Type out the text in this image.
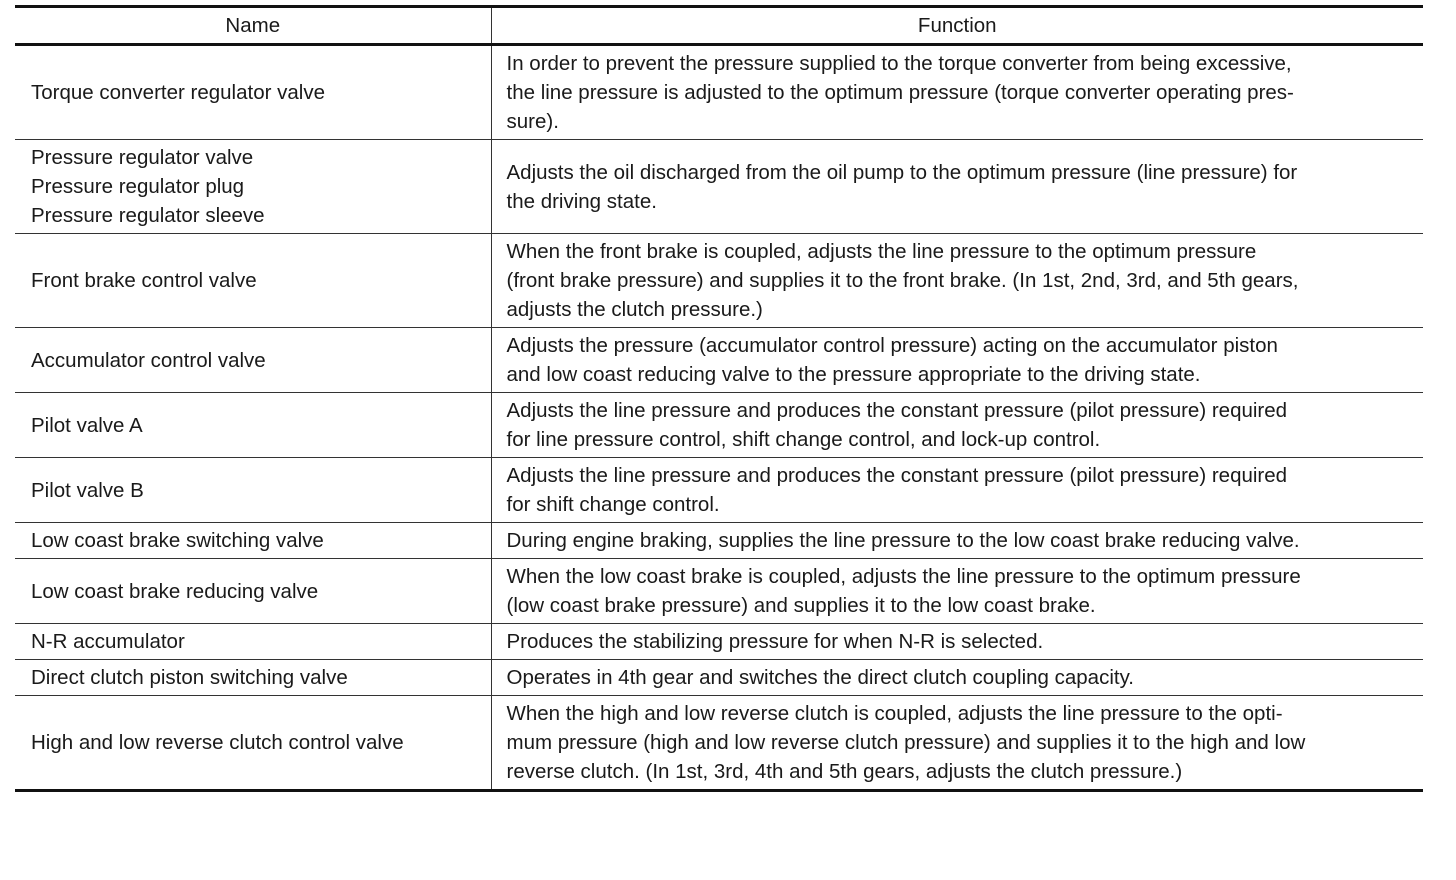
Name	Function

Torque converter regulator valve	In order to prevent the pressure supplied to the torque converter from being excessive,
the line pressure is adjusted to the optimum pressure (torque converter operating pres-
sure).

Pressure regulator valve
Pressure regulator plug
Pressure regulator sleeve	Adjusts the oil discharged from the oil pump to the optimum pressure (line pressure) for
the driving state.

Front brake control valve	When the front brake is coupled, adjusts the line pressure to the optimum pressure
(front brake pressure) and supplies it to the front brake. (In 1st, 2nd, 3rd, and 5th gears,
adjusts the clutch pressure.)

Accumulator control valve	Adjusts the pressure (accumulator control pressure) acting on the accumulator piston
and low coast reducing valve to the pressure appropriate to the driving state.

Pilot valve A	Adjusts the line pressure and produces the constant pressure (pilot pressure) required
for line pressure control, shift change control, and lock-up control.

Pilot valve B	Adjusts the line pressure and produces the constant pressure (pilot pressure) required
for shift change control.

Low coast brake switching valve	During engine braking, supplies the line pressure to the low coast brake reducing valve.

Low coast brake reducing valve	When the low coast brake is coupled, adjusts the line pressure to the optimum pressure
(low coast brake pressure) and supplies it to the low coast brake.

N-R accumulator	Produces the stabilizing pressure for when N-R is selected.

Direct clutch piston switching valve	Operates in 4th gear and switches the direct clutch coupling capacity.

High and low reverse clutch control valve	When the high and low reverse clutch is coupled, adjusts the line pressure to the opti-
mum pressure (high and low reverse clutch pressure) and supplies it to the high and low
reverse clutch. (In 1st, 3rd, 4th and 5th gears, adjusts the clutch pressure.)
